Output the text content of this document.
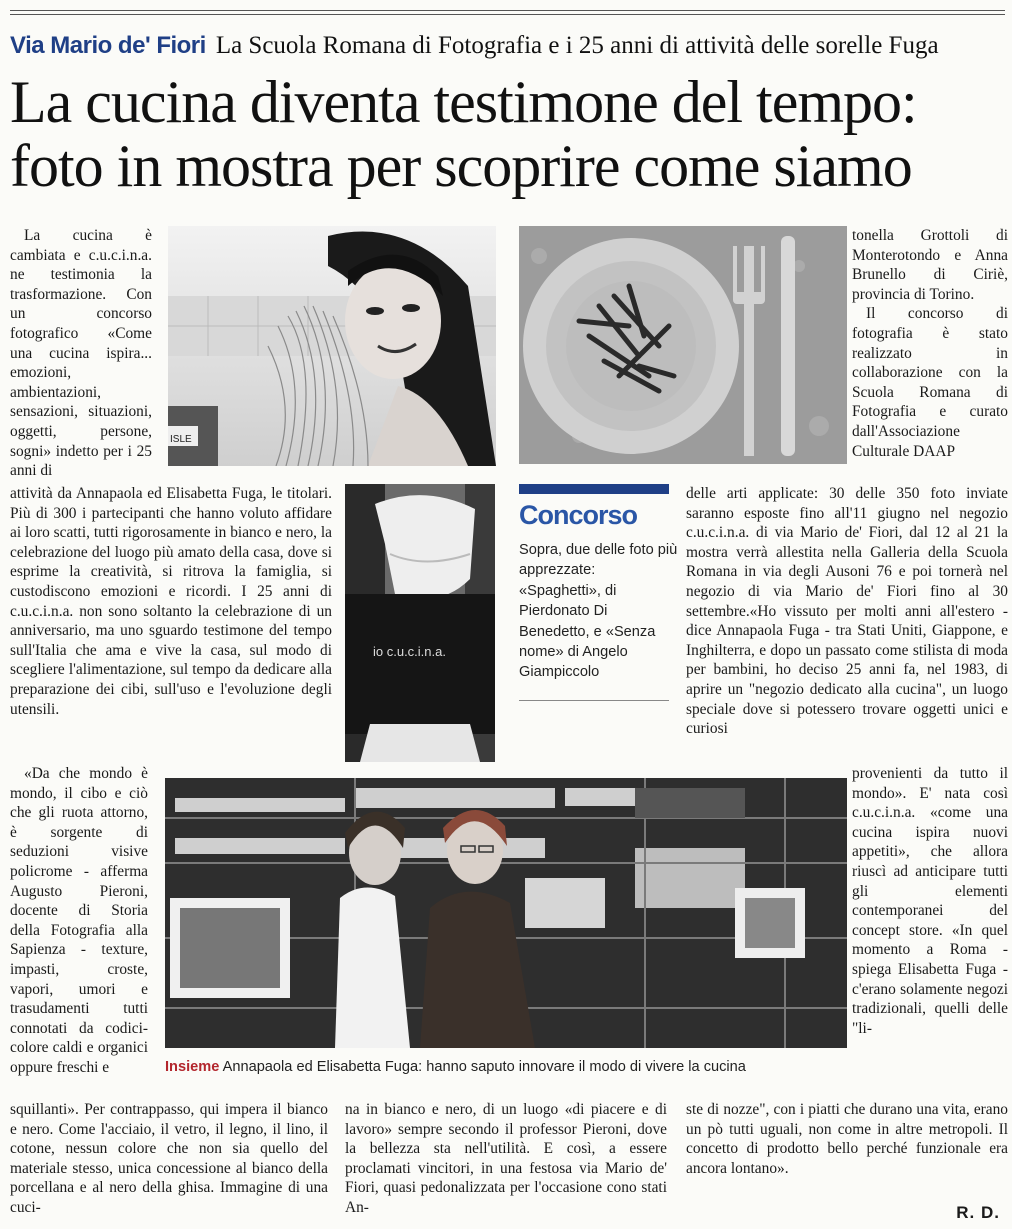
Via Mario de' Fiori La Scuola Romana di Fotografia e i 25 anni di attività delle sorelle Fuga
La cucina diventa testimone del tempo:
foto in mostra per scoprire come siamo

La cucina è cambiata e c.u.c.i.n.a. ne testimonia la trasformazione. Con un concorso fotografico «Come una cucina ispira... emozioni, ambientazioni, sensazioni, situazioni, oggetti, persone, sogni» indetto per i 25 anni di

attività da Annapaola ed Elisabetta Fuga, le titolari. Più di 300 i partecipanti che hanno voluto affidare ai loro scatti, tutti rigorosamente in bianco e nero, la celebrazione del luogo più amato della casa, dove si esprime la creatività, si ritrova la famiglia, si custodiscono emozioni e ricordi. I 25 anni di c.u.c.i.n.a. non sono soltanto la celebrazione di un anniversario, ma uno sguardo testimone del tempo sull'Italia che ama e vive la casa, sul modo di scegliere l'alimentazione, sul tempo da dedicare alla preparazione dei cibi, sull'uso e l'evoluzione degli utensili.

«Da che mondo è mondo, il cibo e ciò che gli ruota attorno, è sorgente di seduzioni visive policrome - afferma Augusto Pieroni, docente di Storia della Fotografia alla Sapienza - texture, impasti, croste, vapori, umori e trasudamenti tutti connotati da codici-colore caldi e organici oppure freschi e

squillanti». Per contrappasso, qui impera il bianco e nero. Come l'acciaio, il vetro, il legno, il lino, il cotone, nessun colore che non sia quello del materiale stesso, unica concessione al bianco della porcellana e al nero della ghisa. Immagine di una cuci-

na in bianco e nero, di un luogo «di piacere e di lavoro» sempre secondo il professor Pieroni, dove la bellezza sta nell'utilità. E così, a essere proclamati vincitori, in una festosa via Mario de' Fiori, quasi pedonalizzata per l'occasione cono stati An-

tonella Grottoli di Monterotondo e Anna Brunello di Ciriè, provincia di Torino.

Il concorso di fotografia è stato realizzato in collaborazione con la Scuola Romana di Fotografia e curato dall'Associazione Culturale DAAP

delle arti applicate: 30 delle 350 foto inviate saranno esposte fino all'11 giugno nel negozio c.u.c.i.n.a. di via Mario de' Fiori, dal 12 al 21 la mostra verrà allestita nella Galleria della Scuola Romana in via degli Ausoni 76 e poi tornerà nel negozio di via Mario de' Fiori fino al 30 settembre.«Ho vissuto per molti anni all'estero - dice Annapaola Fuga - tra Stati Uniti, Giappone, e Inghilterra, e dopo un passato come stilista di moda per bambini, ho deciso 25 anni fa, nel 1983, di aprire un "negozio dedicato alla cucina", un luogo speciale dove si potessero trovare oggetti unici e curiosi

provenienti da tutto il mondo». E' nata così c.u.c.i.n.a. «come una cucina ispira nuovi appetiti», che allora riuscì ad anticipare tutti gli elementi contemporanei del concept store. «In quel momento a Roma - spiega Elisabetta Fuga - c'erano solamente negozi tradizionali, quelli delle "li-

ste di nozze", con i piatti che durano una vita, erano un pò tutti uguali, non come in altre metropoli. Il concetto di prodotto bello perché funzionale era ancora lontano».

ISLE
io c.u.c.i.n.a.
Concorso
Sopra, due delle foto più apprezzate: «Spaghetti», di Pierdonato Di Benedetto, e «Senza nome» di Angelo Giampiccolo
Insieme Annapaola ed Elisabetta Fuga: hanno saputo innovare il modo di vivere la cucina
R. D.
